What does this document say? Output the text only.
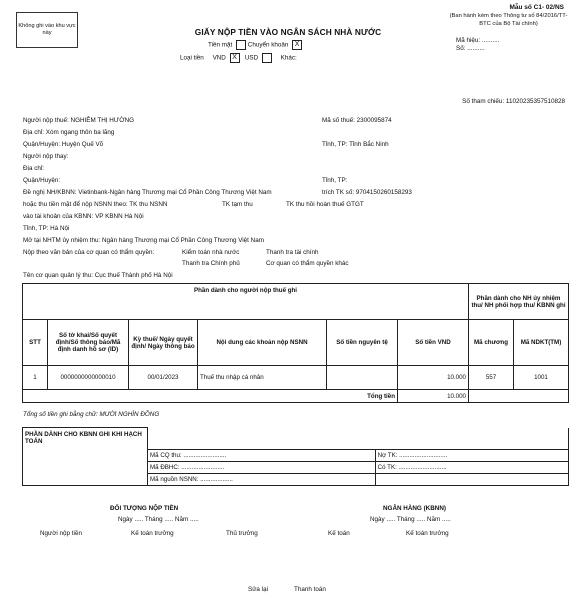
Không ghi vào khu vực này
Mẫu số C1- 02/NS
(Ban hành kèm theo Thông tư số 84/2016/TT-BTC của Bộ Tài chính)
Mã hiệu: ..........
Số: ..........
GIẤY NỘP TIỀN VÀO NGÂN SÁCH NHÀ NƯỚC
Tiền mặt Chuyển khoản X
Loại tiền VND X USD	Khác:
Số tham chiếu: 11020235357510828
Người nộp thuế: NGHIÊM THỊ HƯỜNG	Mã số thuế: 2300095874
Địa chỉ: Xóm ngang thôn ba lăng
Quận/Huyện: Huyện Quế Võ	Tỉnh, TP: Tỉnh Bắc Ninh
Người nộp thay:
Địa chỉ:
Quận/Huyện:	Tỉnh, TP:
Đề nghị NH/KBNN: Vietinbank-Ngân hàng Thương mại Cổ Phần Công Thương Việt Nam	trích TK số: 9704150260158293
hoặc thu tiền mặt để nộp NSNN theo: TK thu NSNN	TK tạm thu	TK thu hồi hoàn thuế GTGT
vào tài khoản của KBNN: VP KBNN Hà Nội
Tỉnh, TP: Hà Nội
Mở tại NHTM ủy nhiệm thu: Ngân hàng Thương mại Cổ Phần Công Thương Việt Nam
Nộp theo văn bản của cơ quan có thẩm quyền:	Kiểm toán nhà nước	Thanh tra tài chính
Thanh tra Chính phủ	Cơ quan có thẩm quyền khác
Tên cơ quan quản lý thu: Cục thuế Thành phố Hà Nội
Phần dành cho người nộp thuế ghi						Phần dành cho NH ủy nhiệm thu/ NH phối hợp thu/ KBNN ghi	
STT	Số tờ khai/Số quyết định/Số thông báo/Mã định danh hồ sơ (ID)	Kỳ thuế/ Ngày quyết định/ Ngày thông báo	Nội dung các khoản nộp NSNN	Số tiền nguyên tệ	Số tiền VND	Mã chương	Mã NDKT(TM)
1	0000000000000010	00/01/2023	Thuế thu nhập cá nhân		10.000	557	1001
Tổng tiền					10.000		
Tổng số tiền ghi bằng chữ: MƯỜI NGHÌN ĐỒNG
PHẦN DÀNH CHO KBNN GHI KHI HẠCH TOÁN		
	Mã CQ thu: .........................	Nợ TK: ............................
	Mã ĐBHC: .........................	Có TK: ............................
	Mã nguồn NSNN: ...................	
ĐỐI TƯỢNG NỘP TIỀN
Ngày ..... Tháng ..... Năm .....
Người nộp tiền	Kế toán trưởng	Thủ trưởng
NGÂN HÀNG (KBNN)
Ngày ..... Tháng ..... Năm .....
Kế toán	Kế toán trưởng
Sửa lại	Thanh toán
